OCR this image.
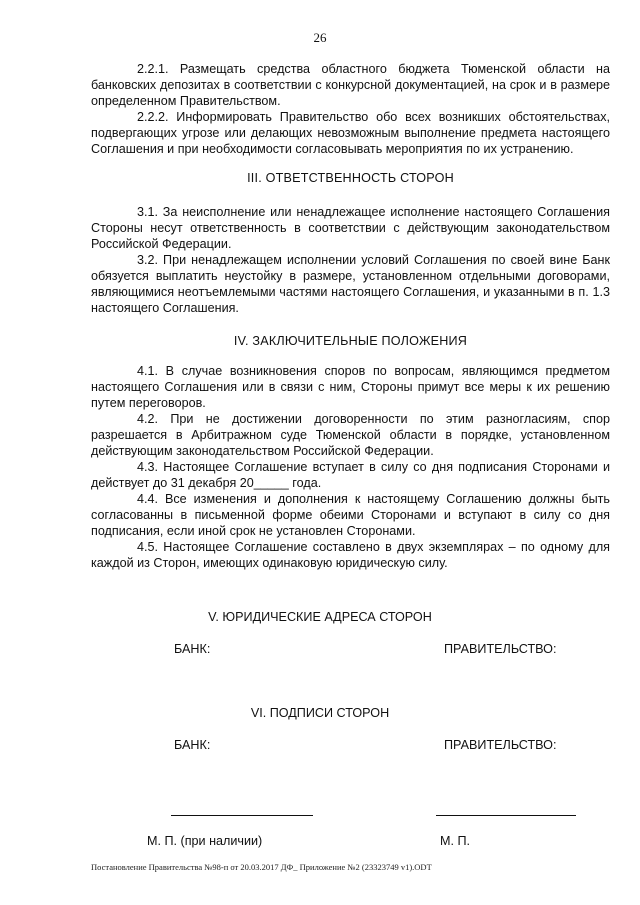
26

2.2.1. Размещать средства областного бюджета Тюменской области на банковских депозитах в соответствии с конкурсной документацией, на срок и в размере определенном Правительством.

2.2.2. Информировать Правительство обо всех возникших обстоятельствах, подвергающих угрозе или делающих невозможным выполнение предмета настоящего Соглашения и при необходимости согласовывать мероприятия по их устранению.

III. ОТВЕТСТВЕННОСТЬ СТОРОН

3.1. За неисполнение или ненадлежащее исполнение настоящего Соглашения Стороны несут ответственность в соответствии с действующим законодательством Российской Федерации.

3.2. При ненадлежащем исполнении условий Соглашения по своей вине Банк обязуется выплатить неустойку в размере, установленном отдельными договорами, являющимися неотъемлемыми частями настоящего Соглашения, и указанными в п. 1.3 настоящего Соглашения.

IV. ЗАКЛЮЧИТЕЛЬНЫЕ ПОЛОЖЕНИЯ

4.1. В случае возникновения споров по вопросам, являющимся предметом настоящего Соглашения или в связи с ним, Стороны примут все меры к их решению путем переговоров.

4.2. При не достижении договоренности по этим разногласиям, спор разрешается в Арбитражном суде Тюменской области в порядке, установленном действующим законодательством Российской Федерации.

4.3. Настоящее Соглашение вступает в силу со дня подписания Сторонами и действует до 31 декабря 20_____ года.

4.4. Все изменения и дополнения к настоящему Соглашению должны быть согласованны в письменной форме обеими Сторонами и вступают в силу со дня подписания, если иной срок не установлен Сторонами.

4.5. Настоящее Соглашение составлено в двух экземплярах – по одному для каждой из Сторон, имеющих одинаковую юридическую силу.

V. ЮРИДИЧЕСКИЕ АДРЕСА СТОРОН
БАНК:	ПРАВИТЕЛЬСТВО:
VI. ПОДПИСИ СТОРОН
БАНК:	ПРАВИТЕЛЬСТВО:
М. П. (при наличии)	М. П.
Постановление Правительства №98-п от 20.03.2017 ДФ_ Приложение №2 (23323749 v1).ODT
